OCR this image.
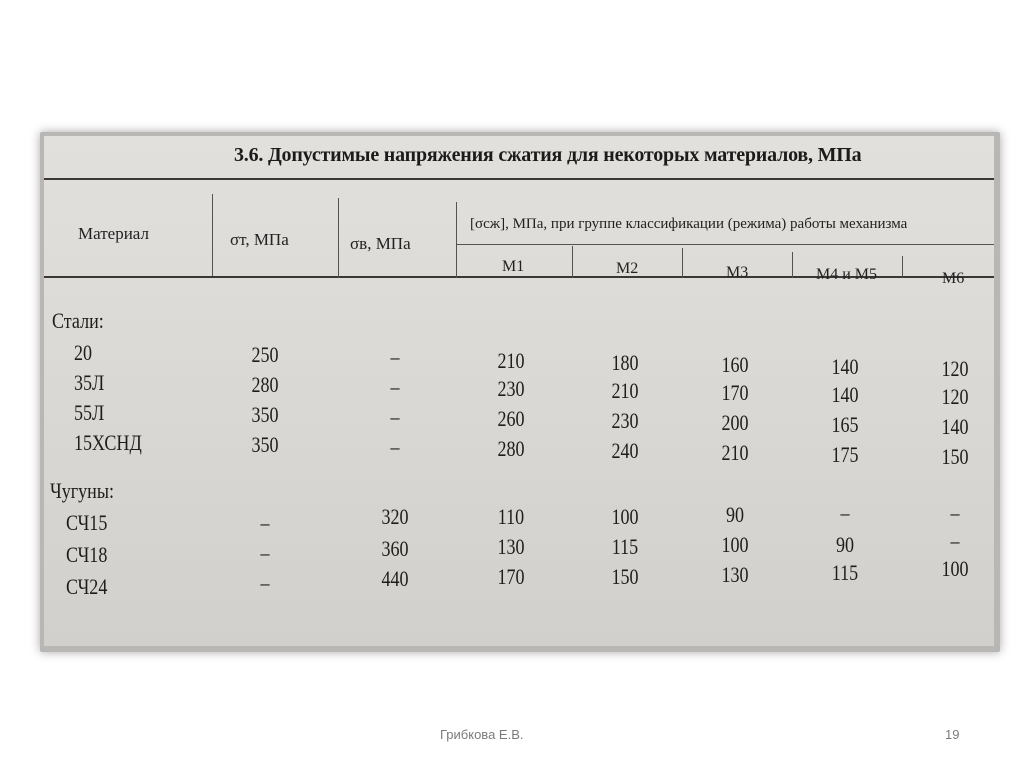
3.6. Допустимые напряжения сжатия для некоторых материалов, МПа
Материал	σт, МПа	σв, МПа
[σсж], МПа, при группе классификации (режима) работы механизма
М1	М2	М3	М4 и М5	М6
Стали:
20	250	–	210	180	160	140	120
35Л	280	–	230	210	170	140	120
55Л	350	–	260	230	200	165	140
15ХСНД	350	–	280	240	210	175	150
Чугуны:
СЧ15	–	320	110	100	90	–	–
СЧ18	–	360	130	115	100	90	–
СЧ24	–	440	170	150	130	115	100
Грибкова Е.В.	19
